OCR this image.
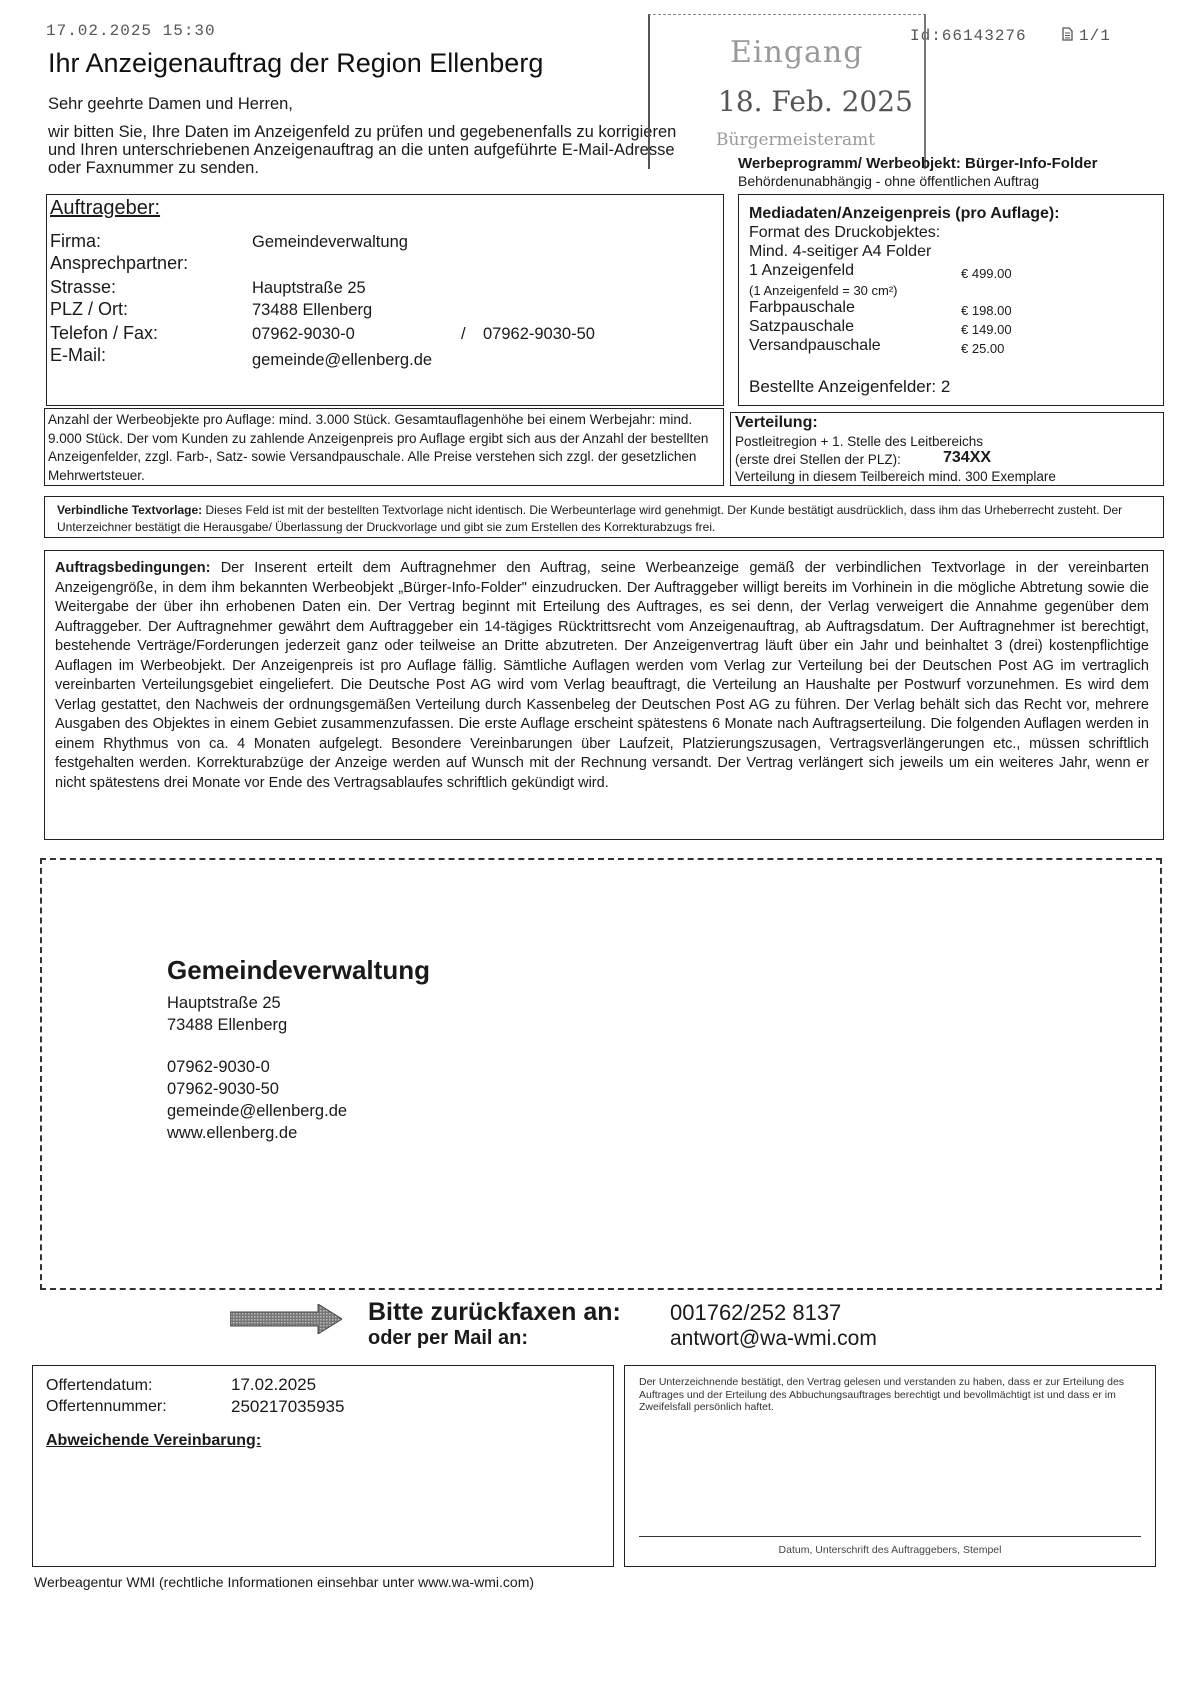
17.02.2025 15:30	Id:66143276	1/1
Ihr Anzeigenauftrag der Region Ellenberg
Sehr geehrte Damen und Herren,
wir bitten Sie, Ihre Daten im Anzeigenfeld zu prüfen und gegebenenfalls zu korrigieren und Ihren unterschriebenen Anzeigenauftrag an die unten aufgeführte E-Mail-Adresse oder Faxnummer zu senden.
Eingang
18. Feb. 2025
Bürgermeisteramt
Werbeprogramm/ Werbeobjekt: Bürger-Info-Folder
Behördenunabhängig - ohne öffentlichen Auftrag
Auftrageber:
Firma:	Gemeindeverwaltung
Ansprechpartner:
Strasse:	Hauptstraße 25
PLZ / Ort:	73488 Ellenberg
Telefon / Fax:	07962-9030-0	/ 07962-9030-50
E-Mail:	gemeinde@ellenberg.de
Mediadaten/Anzeigenpreis (pro Auflage):
Format des Druckobjektes:
Mind. 4-seitiger A4 Folder
1 Anzeigenfeld	€ 499.00
(1 Anzeigenfeld = 30 cm²)
Farbpauschale	€ 198.00
Satzpauschale	€ 149.00
Versandpauschale	€ 25.00
Bestellte Anzeigenfelder: 2
Anzahl der Werbeobjekte pro Auflage: mind. 3.000 Stück. Gesamtauflagenhöhe bei einem Werbejahr: mind. 9.000 Stück. Der vom Kunden zu zahlende Anzeigenpreis pro Auflage ergibt sich aus der Anzahl der bestellten Anzeigenfelder, zzgl. Farb-, Satz- sowie Versandpauschale. Alle Preise verstehen sich zzgl. der gesetzlichen Mehrwertsteuer.
Verteilung:
Postleitregion + 1. Stelle des Leitbereichs
(erste drei Stellen der PLZ):	734XX
Verteilung in diesem Teilbereich mind. 300 Exemplare
Verbindliche Textvorlage: Dieses Feld ist mit der bestellten Textvorlage nicht identisch. Die Werbeunterlage wird genehmigt. Der Kunde bestätigt ausdrücklich, dass ihm das Urheberrecht zusteht. Der Unterzeichner bestätigt die Herausgabe/ Überlassung der Druckvorlage und gibt sie zum Erstellen des Korrekturabzugs frei.
Auftragsbedingungen: Der Inserent erteilt dem Auftragnehmer den Auftrag, seine Werbeanzeige gemäß der verbindlichen Textvorlage in der vereinbarten Anzeigengröße, in dem ihm bekannten Werbeobjekt „Bürger-Info-Folder" einzudrucken. Der Auftraggeber willigt bereits im Vorhinein in die mögliche Abtretung sowie die Weitergabe der über ihn erhobenen Daten ein. Der Vertrag beginnt mit Erteilung des Auftrages, es sei denn, der Verlag verweigert die Annahme gegenüber dem Auftraggeber. Der Auftragnehmer gewährt dem Auftraggeber ein 14-tägiges Rücktrittsrecht vom Anzeigenauftrag, ab Auftragsdatum. Der Auftragnehmer ist berechtigt, bestehende Verträge/Forderungen jederzeit ganz oder teilweise an Dritte abzutreten. Der Anzeigenvertrag läuft über ein Jahr und beinhaltet 3 (drei) kostenpflichtige Auflagen im Werbeobjekt. Der Anzeigenpreis ist pro Auflage fällig. Sämtliche Auflagen werden vom Verlag zur Verteilung bei der Deutschen Post AG im vertraglich vereinbarten Verteilungsgebiet eingeliefert. Die Deutsche Post AG wird vom Verlag beauftragt, die Verteilung an Haushalte per Postwurf vorzunehmen. Es wird dem Verlag gestattet, den Nachweis der ordnungsgemäßen Verteilung durch Kassenbeleg der Deutschen Post AG zu führen. Der Verlag behält sich das Recht vor, mehrere Ausgaben des Objektes in einem Gebiet zusammenzufassen. Die erste Auflage erscheint spätestens 6 Monate nach Auftragserteilung. Die folgenden Auflagen werden in einem Rhythmus von ca. 4 Monaten aufgelegt. Besondere Vereinbarungen über Laufzeit, Platzierungszusagen, Vertragsverlängerungen etc., müssen schriftlich festgehalten werden. Korrekturabzüge der Anzeige werden auf Wunsch mit der Rechnung versandt. Der Vertrag verlängert sich jeweils um ein weiteres Jahr, wenn er nicht spätestens drei Monate vor Ende des Vertragsablaufes schriftlich gekündigt wird.
Gemeindeverwaltung
Hauptstraße 25
73488 Ellenberg
07962-9030-0
07962-9030-50
gemeinde@ellenberg.de
www.ellenberg.de
Bitte zurückfaxen an: 001762/252 8137
oder per Mail an:	antwort@wa-wmi.com
Offertendatum:	17.02.2025
Offertennummer:	250217035935
Abweichende Vereinbarung:
Der Unterzeichnende bestätigt, den Vertrag gelesen und verstanden zu haben, dass er zur Erteilung des Auftrages und der Erteilung des Abbuchungsauftrages berechtigt und bevollmächtigt ist und dass er im Zweifelsfall persönlich haftet.
Datum, Unterschrift des Auftraggebers, Stempel
Werbeagentur WMI (rechtliche Informationen einsehbar unter www.wa-wmi.com)
